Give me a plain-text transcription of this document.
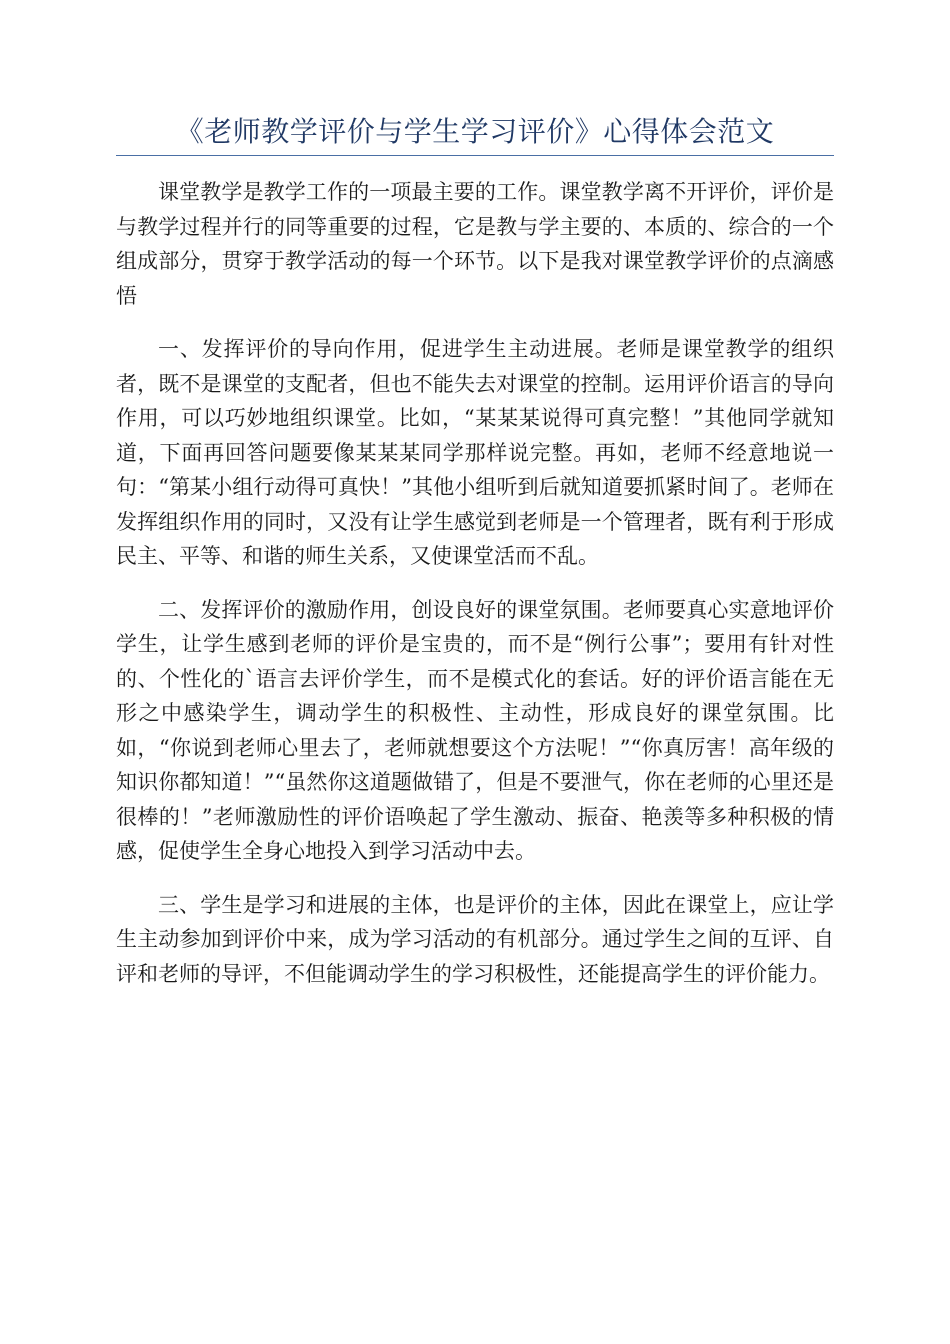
《老师教学评价与学生学习评价》心得体会范文

课堂教学是教学工作的一项最主要的工作。课堂教学离不开评价，评价是与教学过程并行的同等重要的过程，它是教与学主要的、本质的、综合的一个组成部分，贯穿于教学活动的每一个环节。以下是我对课堂教学评价的点滴感悟

一、发挥评价的导向作用，促进学生主动进展。老师是课堂教学的组织者，既不是课堂的支配者，但也不能失去对课堂的控制。运用评价语言的导向作用，可以巧妙地组织课堂。比如，“某某某说得可真完整！”其他同学就知道，下面再回答问题要像某某某同学那样说完整。再如，老师不经意地说一句：“第某小组行动得可真快！”其他小组听到后就知道要抓紧时间了。老师在发挥组织作用的同时，又没有让学生感觉到老师是一个管理者，既有利于形成民主、平等、和谐的师生关系，又使课堂活而不乱。

二、发挥评价的激励作用，创设良好的课堂氛围。老师要真心实意地评价学生，让学生感到老师的评价是宝贵的，而不是“例行公事”；要用有针对性的、个性化的`语言去评价学生，而不是模式化的套话。好的评价语言能在无形之中感染学生，调动学生的积极性、主动性，形成良好的课堂氛围。比如，“你说到老师心里去了，老师就想要这个方法呢！”“你真厉害！高年级的知识你都知道！”“虽然你这道题做错了，但是不要泄气，你在老师的心里还是很棒的！”老师激励性的评价语唤起了学生激动、振奋、艳羡等多种积极的情感，促使学生全身心地投入到学习活动中去。

三、学生是学习和进展的主体，也是评价的主体，因此在课堂上，应让学生主动参加到评价中来，成为学习活动的有机部分。通过学生之间的互评、自评和老师的导评，不但能调动学生的学习积极性，还能提高学生的评价能力。
